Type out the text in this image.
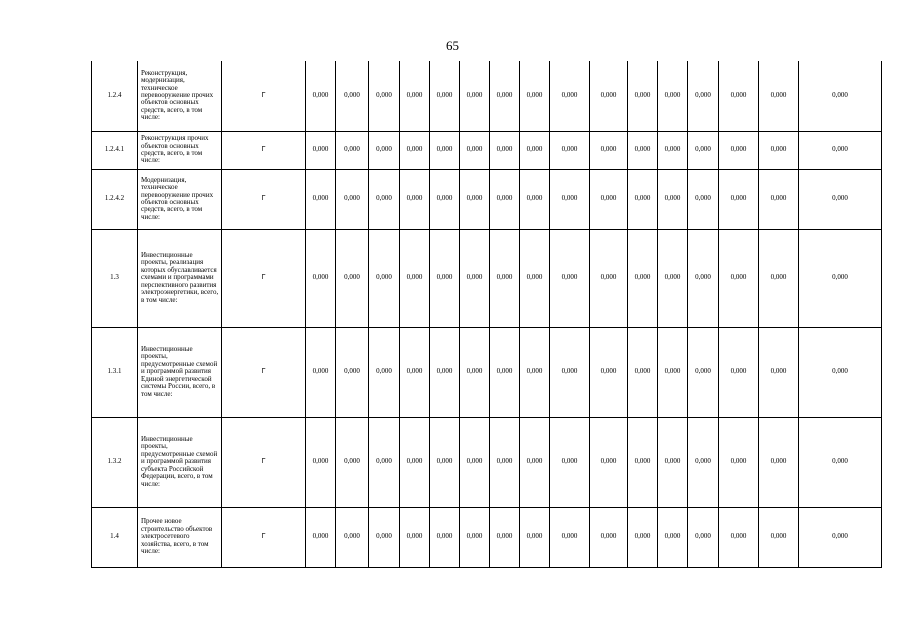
65
1.2.4	Реконструкция, модернизация, техническое перевооружение прочих объектов основных средств, всего, в том числе:	Г	0,000	0,000	0,000	0,000	0,000	0,000	0,000	0,000	0,000	0,000	0,000	0,000	0,000	0,000	0,000	0,000
1.2.4.1	Реконструкция прочих объектов основных средств, всего, в том числе:	Г	0,000	0,000	0,000	0,000	0,000	0,000	0,000	0,000	0,000	0,000	0,000	0,000	0,000	0,000	0,000	0,000
1.2.4.2	Модернизация, техническое перевооружение прочих объектов основных средств, всего, в том числе:	Г	0,000	0,000	0,000	0,000	0,000	0,000	0,000	0,000	0,000	0,000	0,000	0,000	0,000	0,000	0,000	0,000
1.3	Инвестиционные проекты, реализация которых обуславливается схемами и программами перспективного развития электроэнергетики, всего, в том числе:	Г	0,000	0,000	0,000	0,000	0,000	0,000	0,000	0,000	0,000	0,000	0,000	0,000	0,000	0,000	0,000	0,000
1.3.1	Инвестиционные проекты, предусмотренные схемой и программой развития Единой энергетической системы России, всего, в том числе:	Г	0,000	0,000	0,000	0,000	0,000	0,000	0,000	0,000	0,000	0,000	0,000	0,000	0,000	0,000	0,000	0,000
1.3.2	Инвестиционные проекты, предусмотренные схемой и программой развития субъекта Российской Федерации, всего, в том числе:	Г	0,000	0,000	0,000	0,000	0,000	0,000	0,000	0,000	0,000	0,000	0,000	0,000	0,000	0,000	0,000	0,000
1.4	Прочее новое строительство объектов электросетевого хозяйства, всего, в том числе:	Г	0,000	0,000	0,000	0,000	0,000	0,000	0,000	0,000	0,000	0,000	0,000	0,000	0,000	0,000	0,000	0,000
